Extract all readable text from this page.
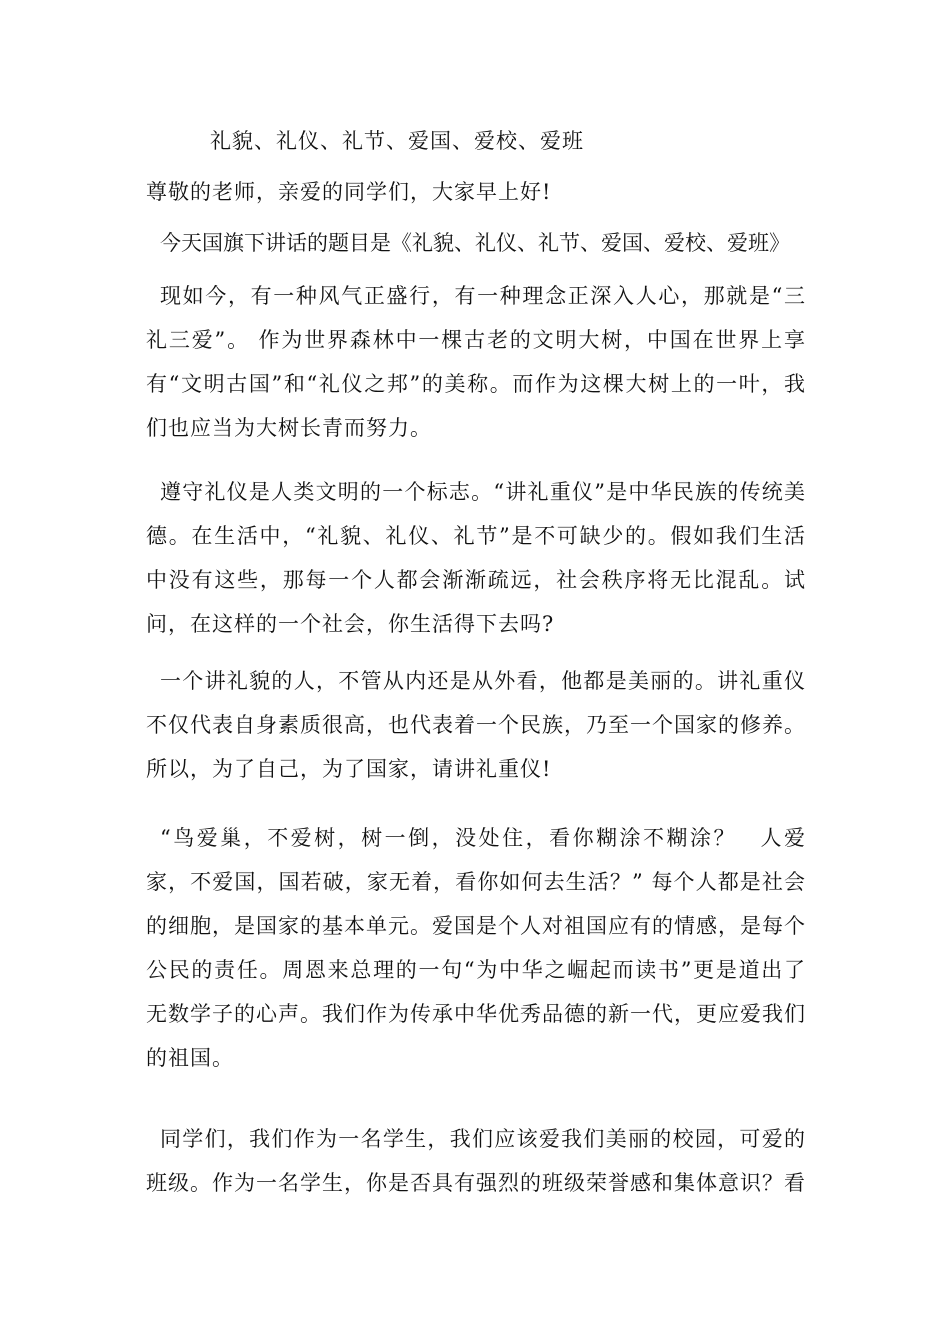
礼貌、礼仪、礼节、爱国、爱校、爱班
尊敬的老师，亲爱的同学们，大家早上好!
今天国旗下讲话的题目是《礼貌、礼仪、礼节、爱国、爱校、爱班》

现如今，有一种风气正盛行，有一种理念正深入人心，那就是“三礼三爱”。 作为世界森林中一棵古老的文明大树，中国在世界上享有“文明古国”和“礼仪之邦”的美称。而作为这棵大树上的一叶，我们也应当为大树长青而努力。

遵守礼仪是人类文明的一个标志。“讲礼重仪”是中华民族的传统美德。在生活中，“礼貌、礼仪、礼节”是不可缺少的。假如我们生活中没有这些，那每一个人都会渐渐疏远，社会秩序将无比混乱。试问，在这样的一个社会，你生活得下去吗?

一个讲礼貌的人，不管从内还是从外看，他都是美丽的。讲礼重仪不仅代表自身素质很高，也代表着一个民族，乃至一个国家的修养。所以，为了自己，为了国家，请讲礼重仪!

“鸟爱巢，不爱树，树一倒，没处住，看你糊涂不糊涂？　人爱家，不爱国，国若破，家无着，看你如何去生活？” 每个人都是社会的细胞，是国家的基本单元。爱国是个人对祖国应有的情感，是每个公民的责任。周恩来总理的一句“为中华之崛起而读书”更是道出了无数学子的心声。我们作为传承中华优秀品德的新一代，更应爱我们的祖国。

同学们，我们作为一名学生，我们应该爱我们美丽的校园，可爱的班级。作为一名学生，你是否具有强烈的班级荣誉感和集体意识？看
